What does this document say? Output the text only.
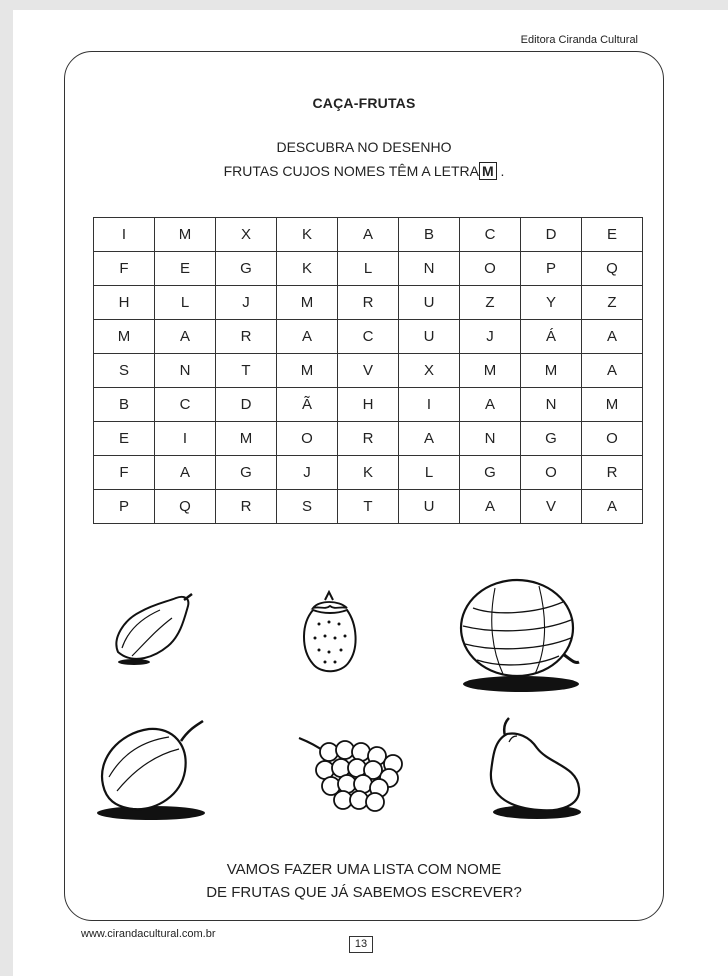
Editora Ciranda Cultural
CAÇA-FRUTAS
DESCUBRA NO DESENHO
FRUTAS CUJOS NOMES TÊM A LETRA M .
I	M	X	K	A	B	C	D	E
F	E	G	K	L	N	O	P	Q
H	L	J	M	R	U	Z	Y	Z
M	A	R	A	C	U	J	Á	A
S	N	T	M	V	X	M	M	A
B	C	D	Ã	H	I	A	N	M
E	I	M	O	R	A	N	G	O
F	A	G	J	K	L	G	O	R
P	Q	R	S	T	U	A	V	A
VAMOS FAZER UMA LISTA COM NOME
DE FRUTAS QUE JÁ SABEMOS ESCREVER?
www.cirandacultural.com.br
13
